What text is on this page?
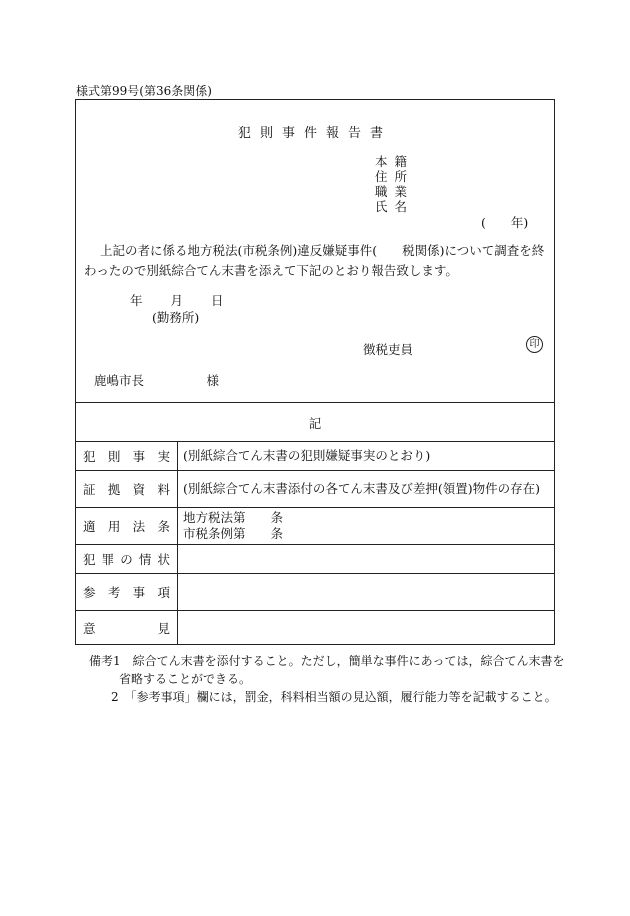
様式第99号(第36条関係)
犯則事件報告書
本籍
住所
職業
氏名
(　　年)
上記の者に係る地方税法(市税条例)違反嫌疑事件(　　税関係)について調査を終わったので別紙綜合てん末書を添えて下記のとおり報告致します。
年　　月　　日
(勤務所)
徴税吏員	印
鹿嶋市長　　　　　様
記
犯 則 事 実 (別紙綜合てん末書の犯則嫌疑事実のとおり)
証 拠 資 料 (別紙綜合てん末書添付の各てん末書及び差押(領置)物件の存在)
適 用 法 条
地方税法第　　条
市税条例第　　条
犯 罪 の 情 状
参 考 事 項
意	見
備考1　綜合てん末書を添付すること。ただし，簡単な事件にあっては，綜合てん末書を
省略することができる。
2　「参考事項」欄には，罰金，科料相当額の見込額，履行能力等を記載すること。
